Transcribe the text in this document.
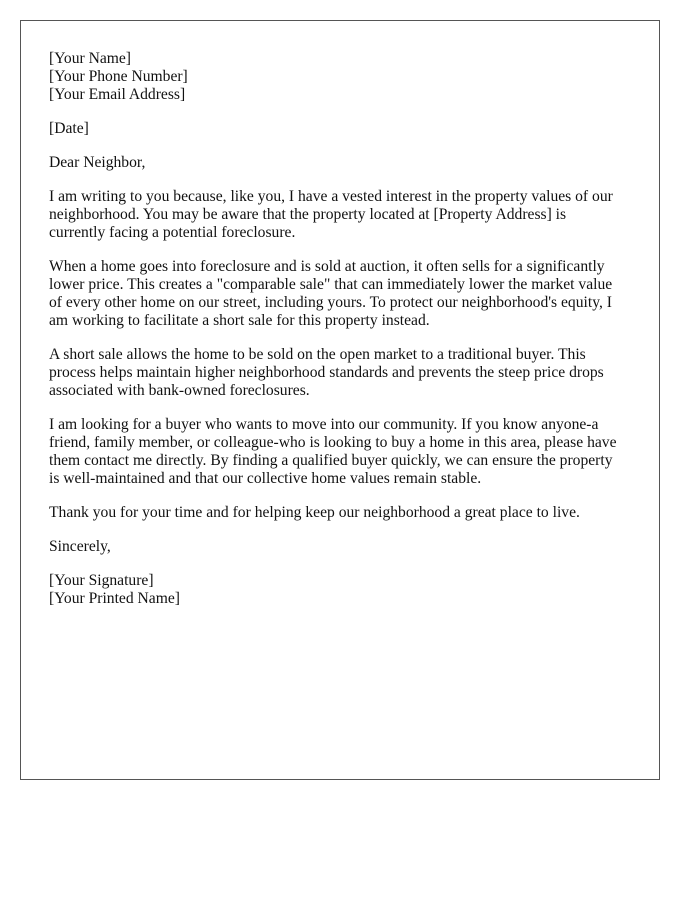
[Your Name]
[Your Phone Number]
[Your Email Address]
[Date]
Dear Neighbor,
I am writing to you because, like you, I have a vested interest in the property values of our
neighborhood. You may be aware that the property located at [Property Address] is
currently facing a potential foreclosure.
When a home goes into foreclosure and is sold at auction, it often sells for a significantly
lower price. This creates a "comparable sale" that can immediately lower the market value
of every other home on our street, including yours. To protect our neighborhood's equity, I
am working to facilitate a short sale for this property instead.
A short sale allows the home to be sold on the open market to a traditional buyer. This
process helps maintain higher neighborhood standards and prevents the steep price drops
associated with bank-owned foreclosures.
I am looking for a buyer who wants to move into our community. If you know anyone-a
friend, family member, or colleague-who is looking to buy a home in this area, please have
them contact me directly. By finding a qualified buyer quickly, we can ensure the property
is well-maintained and that our collective home values remain stable.
Thank you for your time and for helping keep our neighborhood a great place to live.
Sincerely,
[Your Signature]
[Your Printed Name]
